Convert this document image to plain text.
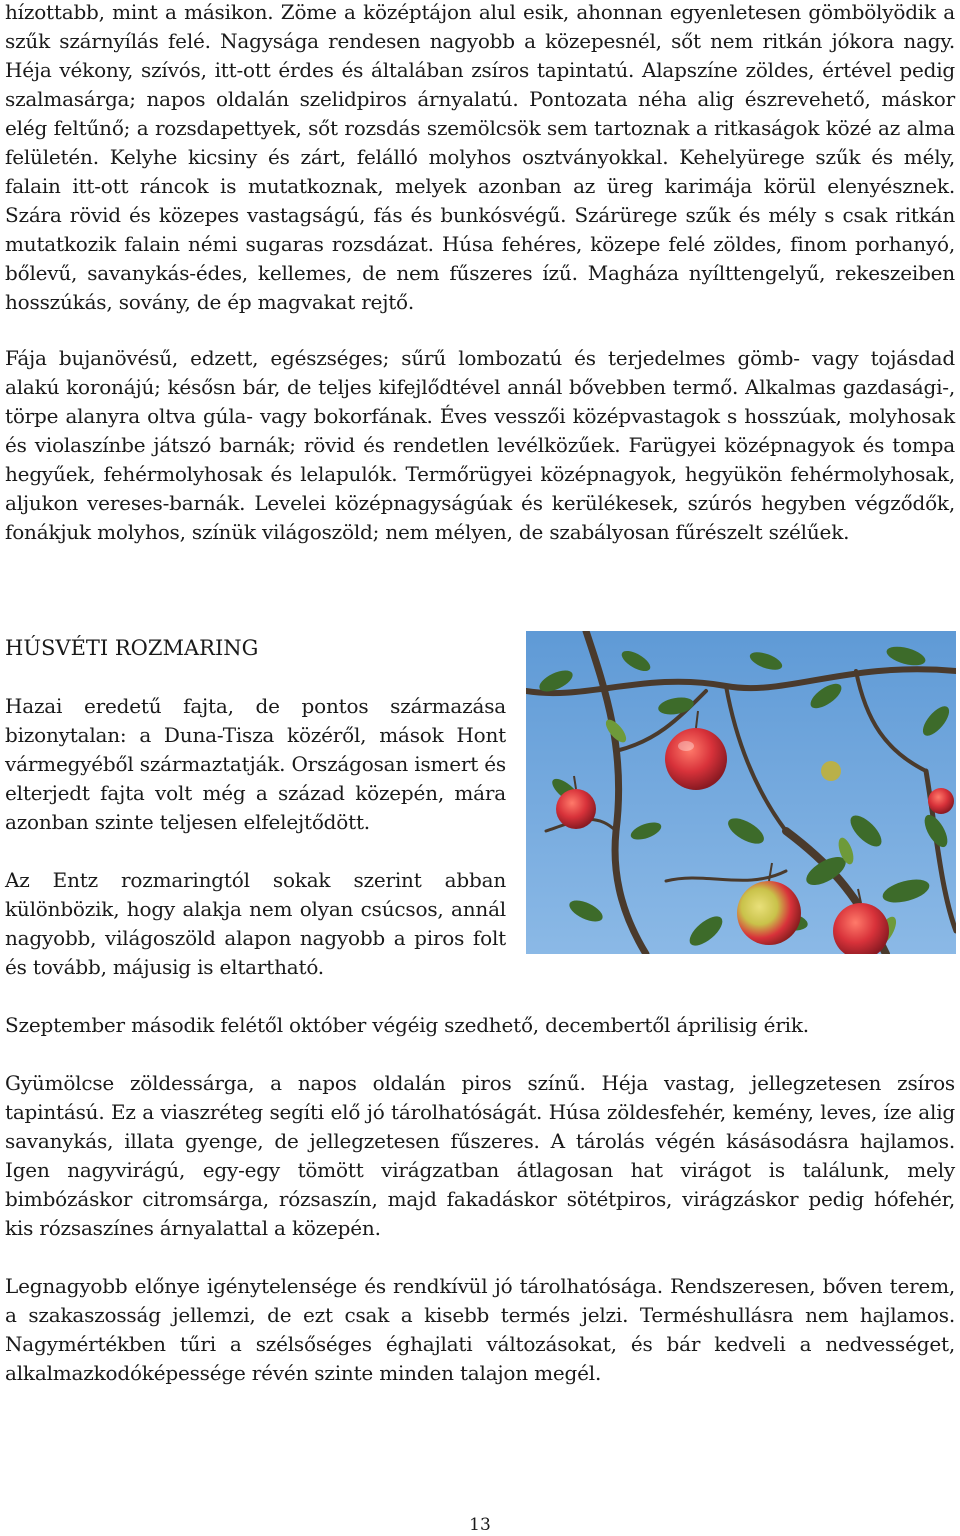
hízottabb, mint a másikon. Zöme a középtájon alul esik, ahonnan egyenletesen gömbölyödik a szűk szárnyílás felé. Nagysága rendesen nagyobb a közepesnél, sőt nem ritkán jókora nagy. Héja vékony, szívós, itt-ott érdes és általában zsíros tapintatú. Alapszíne zöldes, értével pedig szalmasárga; napos oldalán szelidpiros árnyalatú. Pontozata néha alig észrevehető, máskor elég feltűnő; a rozsdapettyek, sőt rozsdás szemölcsök sem tartoznak a ritkaságok közé az alma felületén. Kelyhe kicsiny és zárt, felálló molyhos osztványokkal. Kehelyürege szűk és mély, falain itt-ott ráncok is mutatkoznak, melyek azonban az üreg karimája körül elenyésznek. Szára rövid és közepes vastagságú, fás és bunkósvégű. Szárürege szűk és mély s csak ritkán mutatkozik falain némi sugaras rozsdázat. Húsa fehéres, közepe felé zöldes, finom porhanyó, bőlevű, savanykás-édes, kellemes, de nem fűszeres ízű. Magháza nyílttengelyű, rekeszeiben hosszúkás, sovány, de ép magvakat rejtő.

Fája bujanövésű, edzett, egészséges; sűrű lombozatú és terjedelmes gömb- vagy tojásdad alakú koronájú; késősn bár, de teljes kifejlődtével annál bővebben termő. Alkalmas gazdasági-, törpe alanyra oltva gúla- vagy bokorfának. Éves vesszői középvastagok s hosszúak, molyhosak és violaszínbe játszó barnák; rövid és rendetlen levélközűek. Farügyei középnagyok és tompa hegyűek, fehérmolyhosak és lelapulók. Termőrügyei középnagyok, hegyükön fehérmolyhosak, aljukon vereses-barnák. Levelei középnagyságúak és kerülékesek, szúrós hegyben végződők, fonákjuk molyhos, színük világoszöld; nem mélyen, de szabályosan fűrészelt szélűek.

HÚSVÉTI ROZMARING

Hazai eredetű fajta, de pontos származása bizonytalan: a Duna-Tisza közéről, mások Hont vármegyéből származtatják. Országosan ismert és elterjedt fajta volt még a század közepén, mára azonban szinte teljesen elfelejtődött.

Az Entz rozmaringtól sokak szerint abban különbözik, hogy alakja nem olyan csúcsos, annál nagyobb, világoszöld alapon nagyobb a piros folt és tovább, májusig is eltartható.

Szeptember második felétől október végéig szedhető, decembertől áprilisig érik.

Gyümölcse zöldessárga, a napos oldalán piros színű. Héja vastag, jellegzetesen zsíros tapintású. Ez a viaszréteg segíti elő jó tárolhatóságát. Húsa zöldesfehér, kemény, leves, íze alig savanykás, illata gyenge, de jellegzetesen fűszeres. A tárolás végén kásásodásra hajlamos. Igen nagyvirágú, egy-egy tömött virágzatban átlagosan hat virágot is találunk, mely bimbózáskor citromsárga, rózsaszín, majd fakadáskor sötétpiros, virágzáskor pedig hófehér, kis rózsaszínes árnyalattal a közepén.

Legnagyobb előnye igénytelensége és rendkívül jó tárolhatósága. Rendszeresen, bőven terem, a szakaszosság jellemzi, de ezt csak a kisebb termés jelzi. Terméshullásra nem hajlamos. Nagymértékben tűri a szélsőséges éghajlati változásokat, és bár kedveli a nedvességet, alkalmazkodóképessége révén szinte minden talajon megél.

13
